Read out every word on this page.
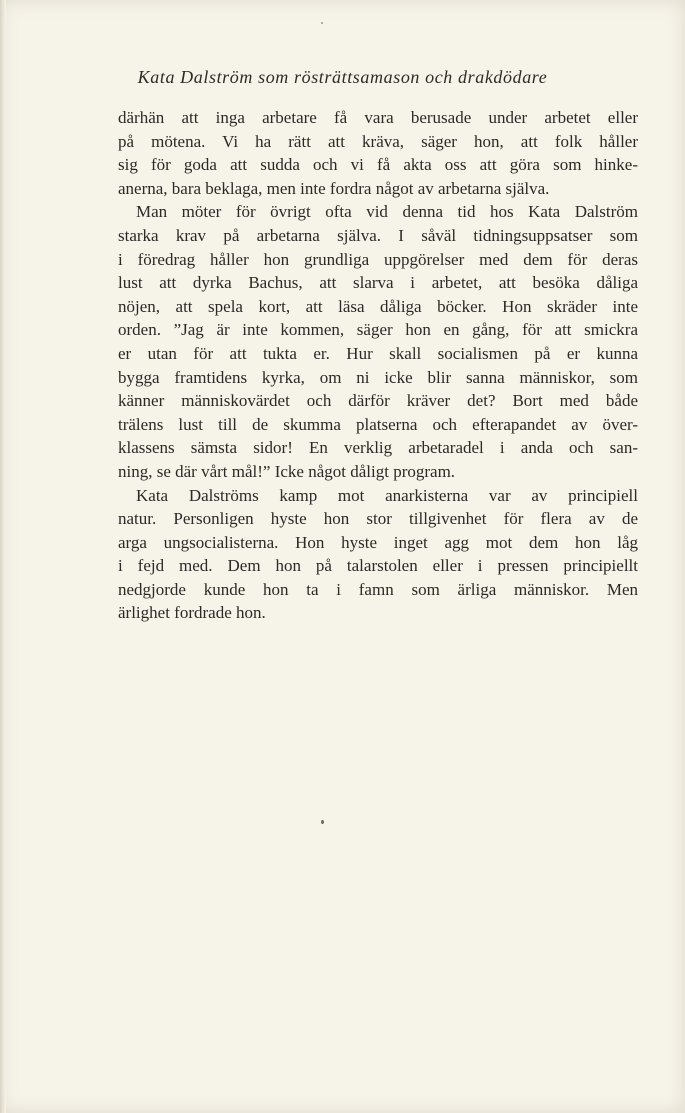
Kata Dalström som rösträttsamason och drakdödare
därhän att inga arbetare få vara berusade under arbetet eller
på mötena. Vi ha rätt att kräva, säger hon, att folk håller
sig för goda att sudda och vi få akta oss att göra som hinke-
anerna, bara beklaga, men inte fordra något av arbetarna själva.
Man möter för övrigt ofta vid denna tid hos Kata Dalström
starka krav på arbetarna själva. I såväl tidningsuppsatser som
i föredrag håller hon grundliga uppgörelser med dem för deras
lust att dyrka Bachus, att slarva i arbetet, att besöka dåliga
nöjen, att spela kort, att läsa dåliga böcker. Hon skräder inte
orden. ”Jag är inte kommen, säger hon en gång, för att smickra
er utan för att tukta er. Hur skall socialismen på er kunna
bygga framtidens kyrka, om ni icke blir sanna människor, som
känner människovärdet och därför kräver det? Bort med både
trälens lust till de skumma platserna och efterapandet av över-
klassens sämsta sidor! En verklig arbetaradel i anda och san-
ning, se där vårt mål!” Icke något dåligt program.
Kata Dalströms kamp mot anarkisterna var av principiell
natur. Personligen hyste hon stor tillgivenhet för flera av de
arga ungsocialisterna. Hon hyste inget agg mot dem hon låg
i fejd med. Dem hon på talarstolen eller i pressen principiellt
nedgjorde kunde hon ta i famn som ärliga människor. Men
ärlighet fordrade hon.
